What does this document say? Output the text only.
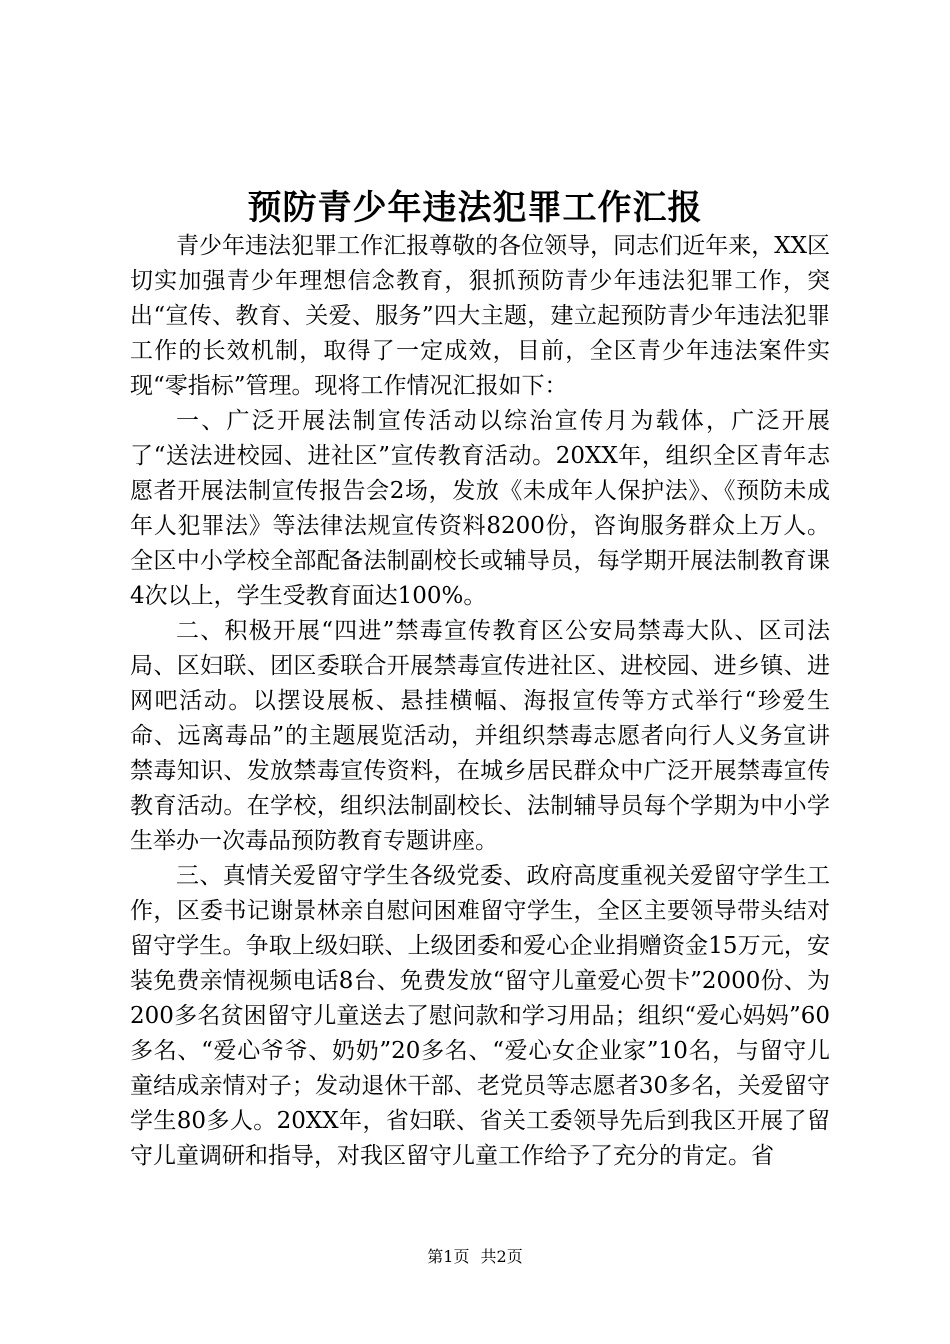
预防青少年违法犯罪工作汇报

青少年违法犯罪工作汇报尊敬的各位领导，同志们近年来，XX区切实加强青少年理想信念教育，狠抓预防青少年违法犯罪工作，突出“宣传、教育、关爱、服务”四大主题，建立起预防青少年违法犯罪工作的长效机制，取得了一定成效，目前，全区青少年违法案件实现“零指标”管理。现将工作情况汇报如下：

一、广泛开展法制宣传活动以综治宣传月为载体，广泛开展了“送法进校园、进社区”宣传教育活动。20XX年，组织全区青年志愿者开展法制宣传报告会2场，发放《未成年人保护法》、《预防未成年人犯罪法》等法律法规宣传资料8200份，咨询服务群众上万人。全区中小学校全部配备法制副校长或辅导员，每学期开展法制教育课4次以上，学生受教育面达100%。

二、积极开展“四进”禁毒宣传教育区公安局禁毒大队、区司法局、区妇联、团区委联合开展禁毒宣传进社区、进校园、进乡镇、进网吧活动。以摆设展板、悬挂横幅、海报宣传等方式举行“珍爱生命、远离毒品”的主题展览活动，并组织禁毒志愿者向行人义务宣讲禁毒知识、发放禁毒宣传资料，在城乡居民群众中广泛开展禁毒宣传教育活动。在学校，组织法制副校长、法制辅导员每个学期为中小学生举办一次毒品预防教育专题讲座。

三、真情关爱留守学生各级党委、政府高度重视关爱留守学生工作，区委书记谢景林亲自慰问困难留守学生，全区主要领导带头结对留守学生。争取上级妇联、上级团委和爱心企业捐赠资金15万元，安装免费亲情视频电话8台、免费发放“留守儿童爱心贺卡”2000份、为200多名贫困留守儿童送去了慰问款和学习用品；组织“爱心妈妈”60多名、“爱心爷爷、奶奶”20多名、“爱心女企业家”10名，与留守儿童结成亲情对子；发动退休干部、老党员等志愿者30多名，关爱留守学生80多人。20XX年，省妇联、省关工委领导先后到我区开展了留守儿童调研和指导，对我区留守儿童工作给予了充分的肯定。省

第1页 共2页
